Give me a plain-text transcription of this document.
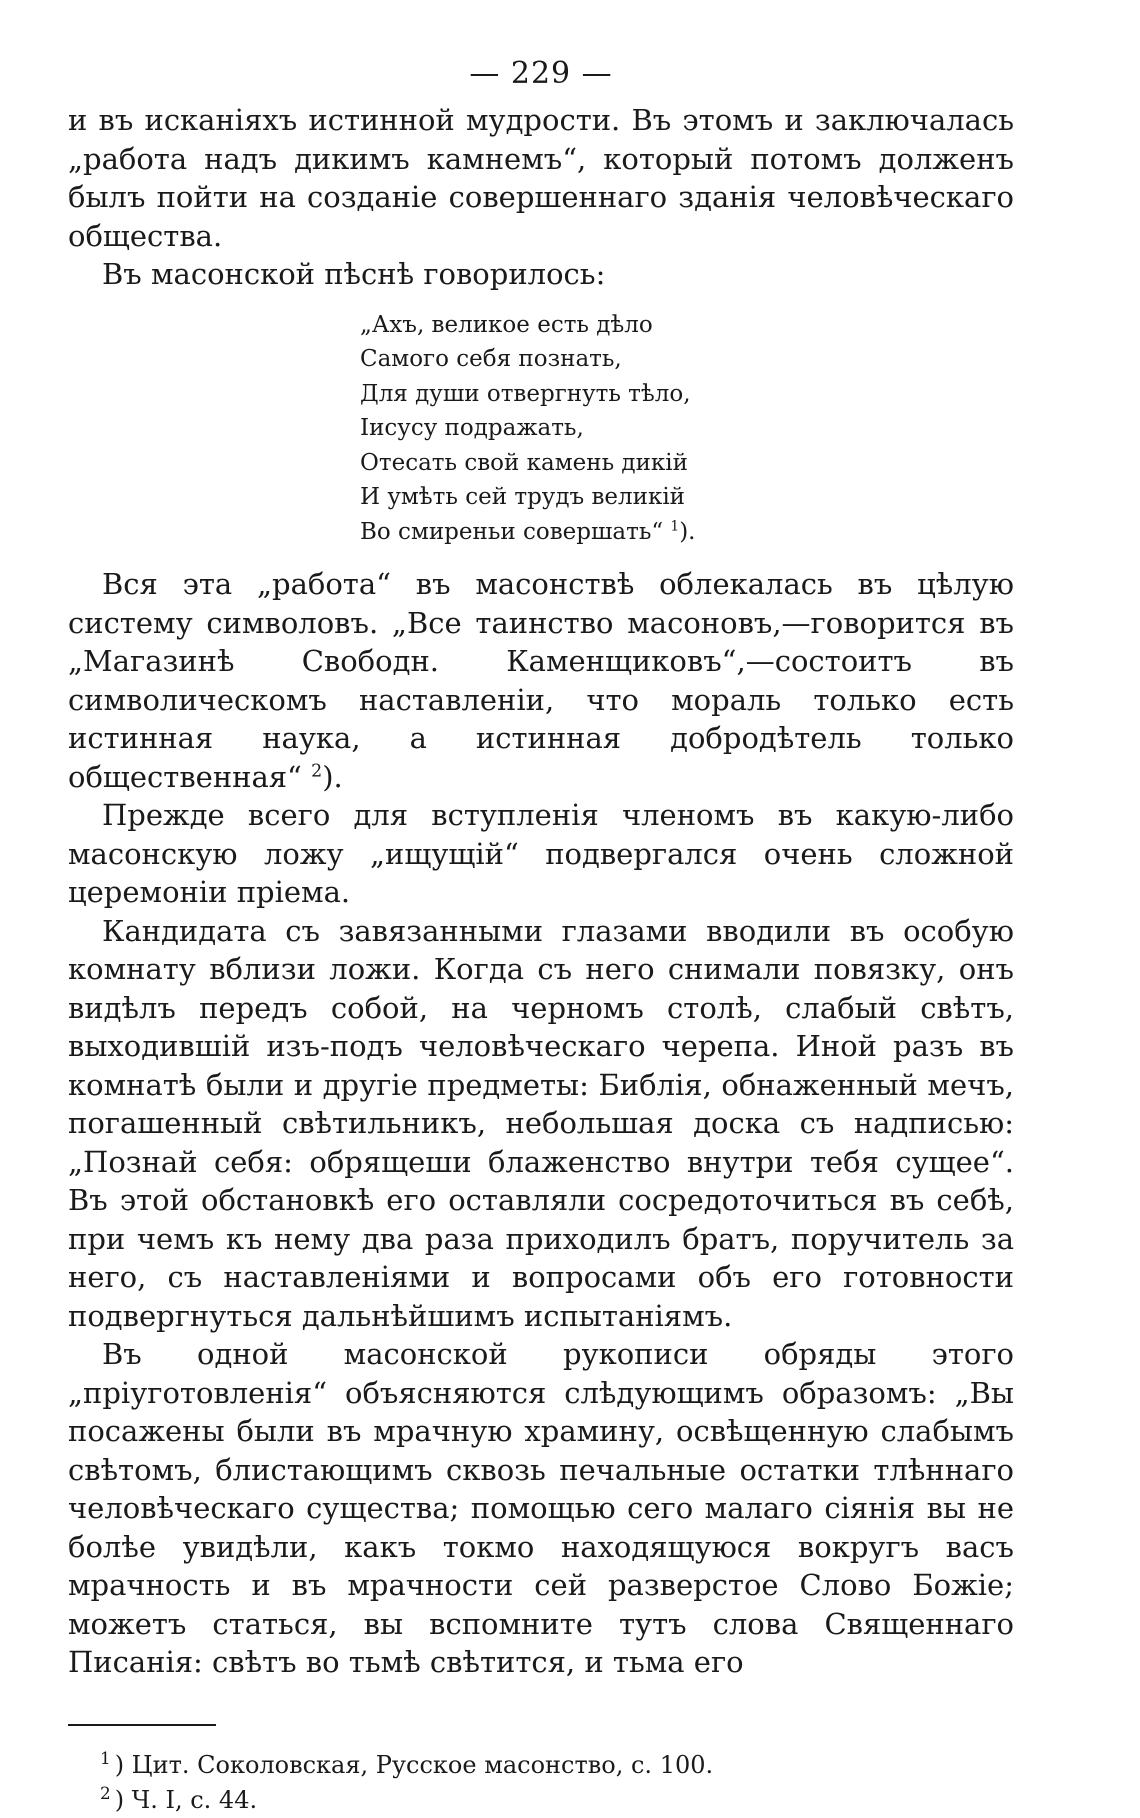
— 229 —

и въ исканіяхъ истинной мудрости. Въ этомъ и заключалась „работа надъ дикимъ камнемъ“, который потомъ долженъ былъ пойти на созданіе совершеннаго зданія человѣческаго общества.

Въ масонской пѣснѣ говорилось:

„Ахъ, великое есть дѣло
Самого себя познать,
Для души отвергнуть тѣло,
Іисусу подражать,
Отесать свой камень дикій
И умѣть сей трудъ великій
Во смиреньи совершать“ $^1$).

Вся эта „работа“ въ масонствѣ облекалась въ цѣлую систему символовъ. „Все таинство масоновъ,—говорится въ „Магазинѣ Свободн. Каменщиковъ“,—состоитъ въ символическомъ наставленіи, что мораль только есть истинная наука, а истинная добродѣтель только общественная“ $^2$).

Прежде всего для вступленія членомъ въ какую-либо масонскую ложу „ищущій“ подвергался очень сложной церемоніи пріема.

Кандидата съ завязанными глазами вводили въ особую комнату вблизи ложи. Когда съ него снимали повязку, онъ видѣлъ передъ собой, на черномъ столѣ, слабый свѣтъ, выходившій изъ-подъ человѣческаго черепа. Иной разъ въ комнатѣ были и другіе предметы: Библія, обнаженный мечъ, погашенный свѣтильникъ, небольшая доска съ надписью: „Познай себя: обрящеши блаженство внутри тебя сущее“. Въ этой обстановкѣ его оставляли сосредоточиться въ себѣ, при чемъ къ нему два раза приходилъ братъ, поручитель за него, съ наставленіями и вопросами объ его готовности подвергнуться дальнѣйшимъ испытаніямъ.

Въ одной масонской рукописи обряды этого „пріуготовленія“ объясняются слѣдующимъ образомъ: „Вы посажены были въ мрачную храмину, освѣщенную слабымъ свѣтомъ, блистающимъ сквозь печальные остатки тлѣннаго человѣческаго существа; помощью сего малаго сіянія вы не болѣе увидѣли, какъ токмо находящуюся вокругъ васъ мрачность и въ мрачности сей разверстое Слово Божіе; можетъ статься, вы вспомните тутъ слова Священнаго Писанія: свѣтъ во тьмѣ свѣтится, и тьма его

$^1$ ) Цит. Соколовская, Русское масонство, с. 100.
$^2$ ) Ч. I, с. 44.
